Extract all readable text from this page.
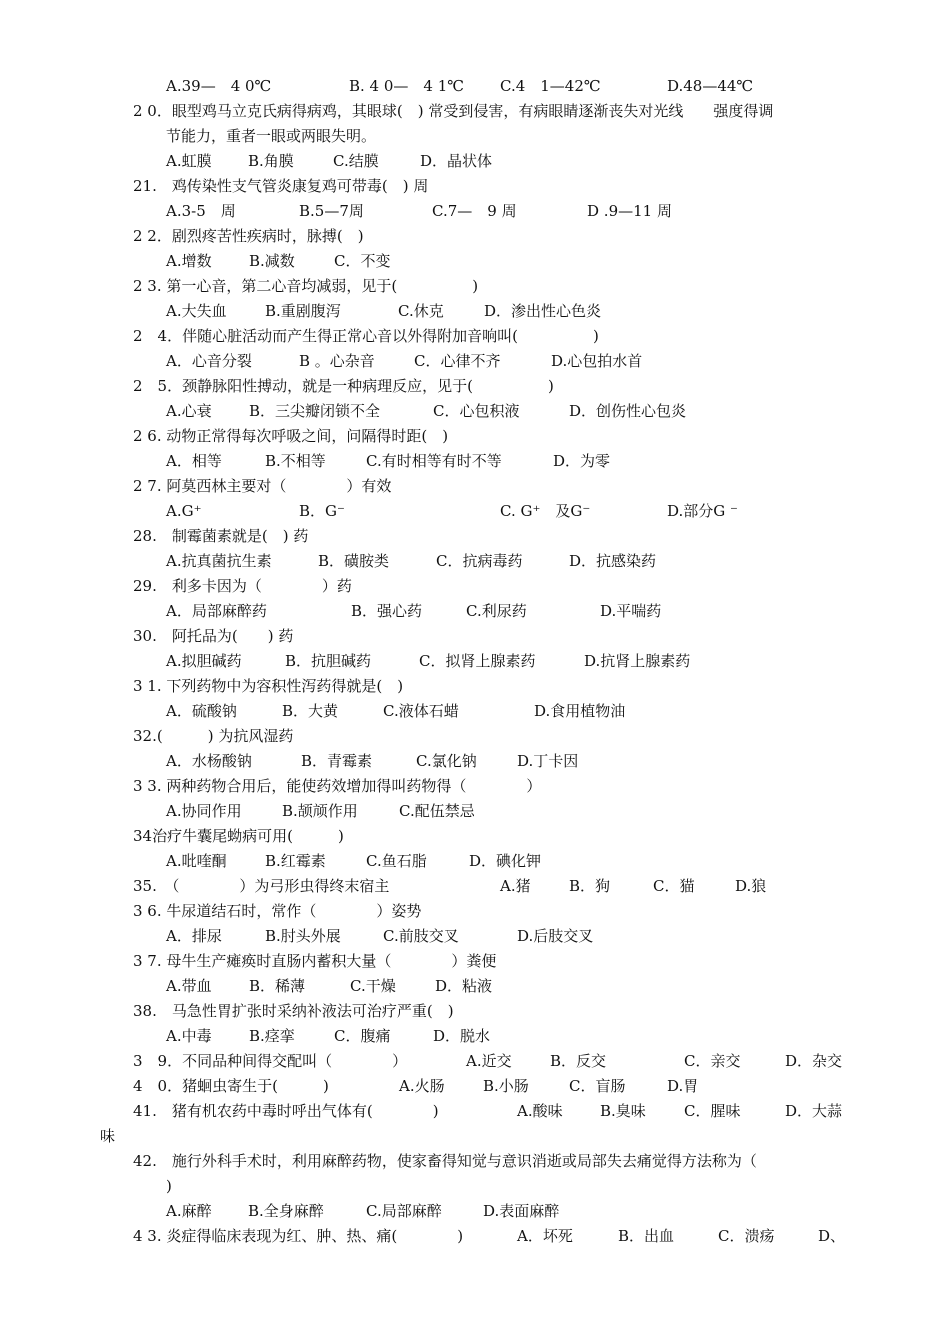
A.39—　4 0℃	B. 4 0—　4 1℃ C.4　1—42℃	D.48—44℃
2 0．眼型鸡马立克氏病得病鸡，其眼球(　) 常受到侵害，有病眼睛逐渐丧失对光线　　强度得调
节能力，重者一眼或两眼失明。
A.虹膜 B.角膜	C.结膜	D．晶状体
21.　鸡传染性支气管炎康复鸡可带毒(　) 周
A.3-5　周	B.5—7周	C.7—　9 周	D .9—11 周
2 2．剧烈疼苦性疾病时，脉搏(　)
A.增数 B.减数	C．不变
2 3. 第一心音，第二心音均减弱，见于(　　　　　)
A.大失血	B.重剧腹泻	C.休克	D．渗出性心色炎
2　4．伴随心脏活动而产生得正常心音以外得附加音响叫(　　　　　)
A．心音分裂	B 。心杂音	C．心律不齐	D.心包拍水首
2　5．颈静脉阳性搏动，就是一种病理反应，见于(　　　　　)
A.心衰 B．三尖瓣闭锁不全	C．心包积液	D．创伤性心包炎
2 6. 动物正常得每次呼吸之间，问隔得时距(　)
A．相等	B.不相等	C.有时相等有时不等	D．为零
2 7. 阿莫西林主要对（　　　　）有效
A.G⁺	B．G⁻	C. G⁺　及G⁻	D.部分G ⁻
28.　制霉菌素就是(　) 药
A.抗真菌抗生素	B．磺胺类	C．抗病毒药	D．抗感染药
29.　利多卡因为（　　　　）药
A．局部麻醉药	B．强心药	C.利尿药	D.平喘药
30.　阿托品为(　　) 药
A.拟胆碱药	B．抗胆碱药	C．拟肾上腺素药	D.抗肾上腺素药
3 1. 下列药物中为容积性泻药得就是(　)
A．硫酸钠	B．大黄	C.液体石蜡	D.食用植物油
32.(　　　) 为抗风湿药
A．水杨酸钠	B．青霉素	C.氯化钠	D.丁卡因
3 3. 两种药物合用后，能使药效增加得叫药物得（　　　　）
A.协同作用	B.颉颃作用	C.配伍禁忌
34治疗牛囊尾蚴病可用(　　　)
A.吡喹酮	B.红霉素	C.鱼石脂	D．碘化钾
35.　（　　　　）为弓形虫得终末宿主	A.猪	B．狗	C．猫	D.狼
3 6. 牛尿道结石时，常作（　　　　）姿势
A．排尿	B.肘头外展	C.前肢交叉	D.后肢交叉
3 7. 母牛生产瘫痪时直肠内蓄积大量（　　　　）粪便
A.带血 B．稀薄	C.干燥	D．粘液
38.　马急性胃扩张时采纳补液法可治疗严重(　)
A.中毒 B.痉挛	C．腹痛	D．脱水
3　9．不同品种间得交配叫（　　　　）	A.近交	B．反交	C．亲交	D．杂交
4　0．猪蛔虫寄生于(　　　)	A.火肠	B.小肠	C．盲肠	D.胃
41.　猪有机农药中毒时呼出气体有(　　　　)	A.酸味 B.臭味	C．腥味	D．大蒜
味
42.　施行外科手术时，利用麻醉药物，使家畜得知觉与意识消逝或局部失去痛觉得方法称为（
)
A.麻醉 B.全身麻醉	C.局部麻醉	D.表面麻醉
4 3. 炎症得临床表现为红、肿、热、痛(　　　　)	A．坏死	B．出血	C．溃疡	D、
